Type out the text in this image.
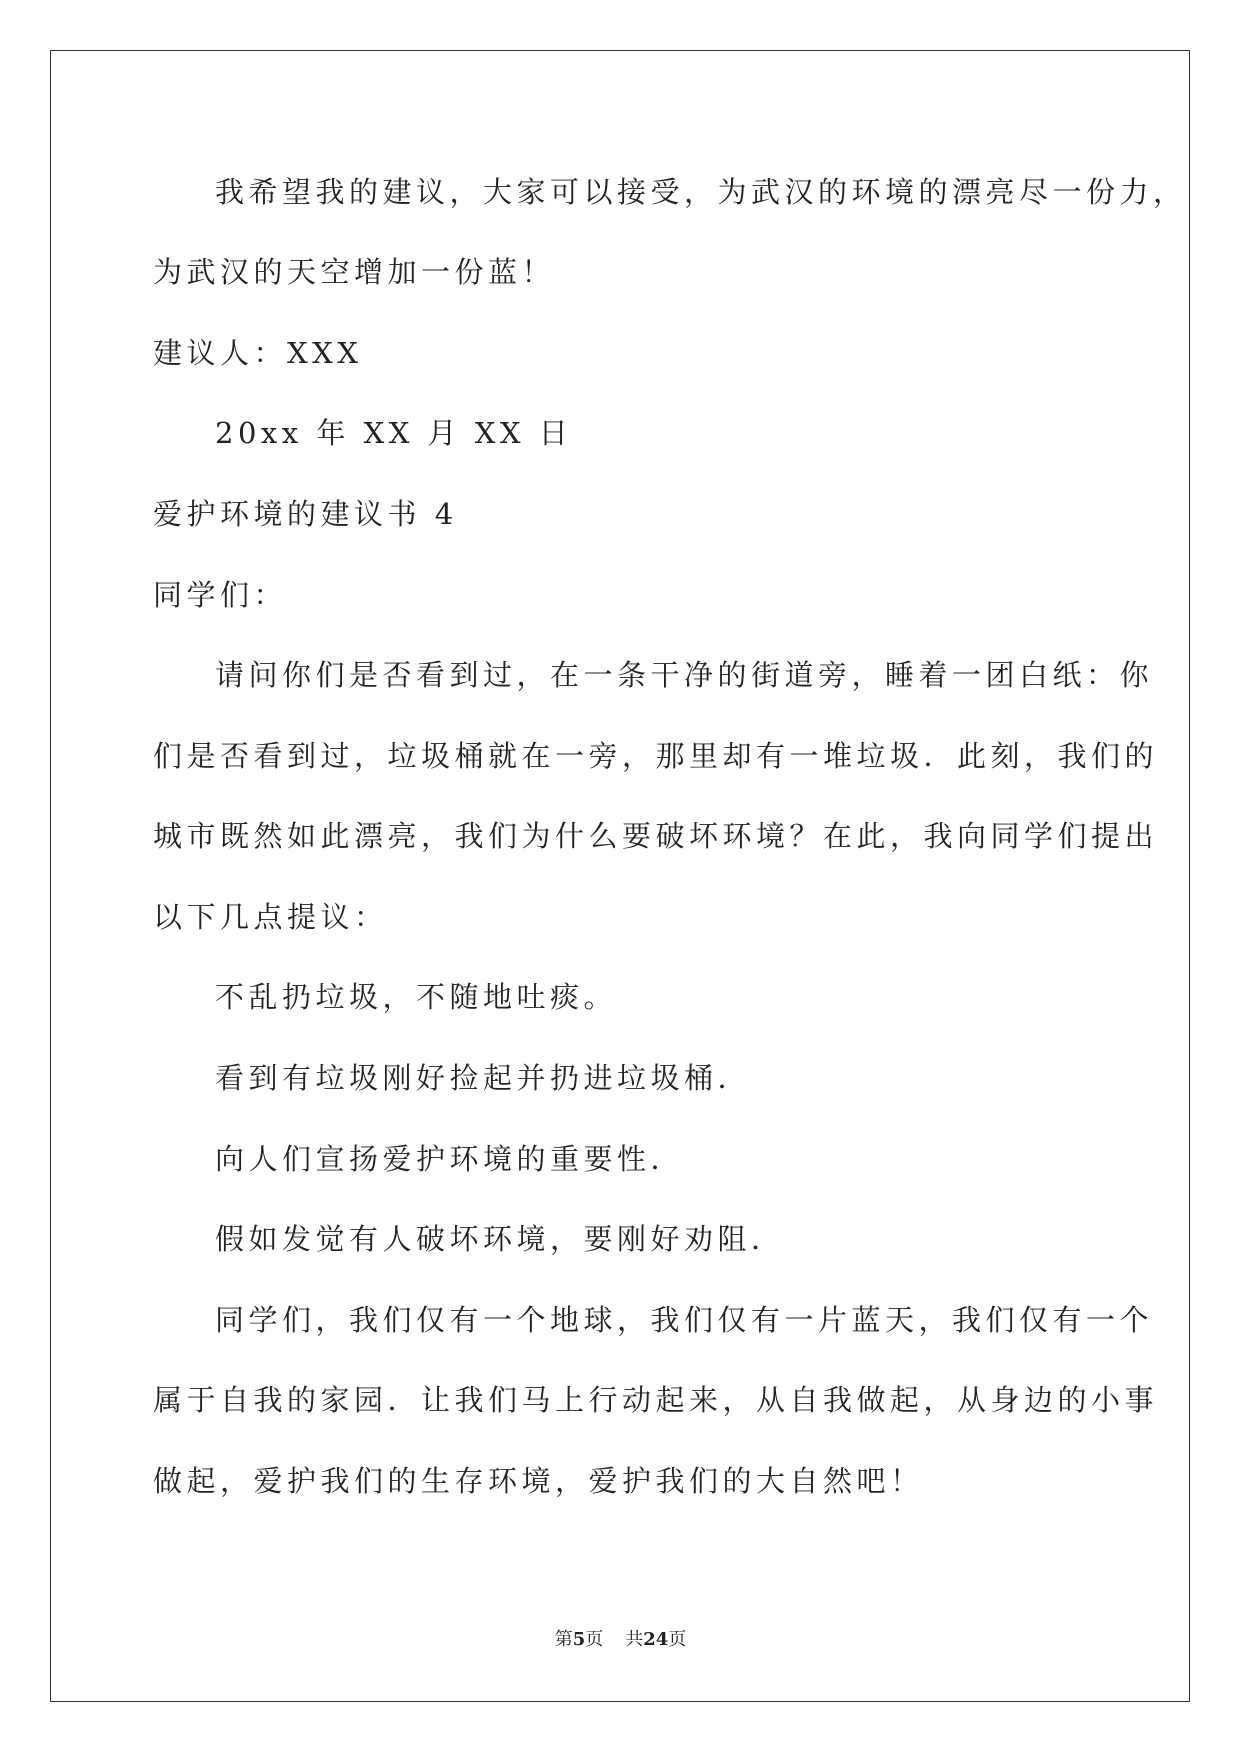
我希望我的建议，大家可以接受，为武汉的环境的漂亮尽一份力，
为武汉的天空增加一份蓝！
建议人：XXX
20xx 年 XX 月 XX 日
爱护环境的建议书 4
同学们：
请问你们是否看到过，在一条干净的街道旁，睡着一团白纸：你
们是否看到过，垃圾桶就在一旁，那里却有一堆垃圾．此刻，我们的
城市既然如此漂亮，我们为什么要破坏环境？在此，我向同学们提出
以下几点提议：
不乱扔垃圾，不随地吐痰。
看到有垃圾刚好捡起并扔进垃圾桶．
向人们宣扬爱护环境的重要性．
假如发觉有人破坏环境，要刚好劝阻．
同学们，我们仅有一个地球，我们仅有一片蓝天，我们仅有一个
属于自我的家园．让我们马上行动起来，从自我做起，从身边的小事
做起，爱护我们的生存环境，爱护我们的大自然吧！
第5页 共24页
